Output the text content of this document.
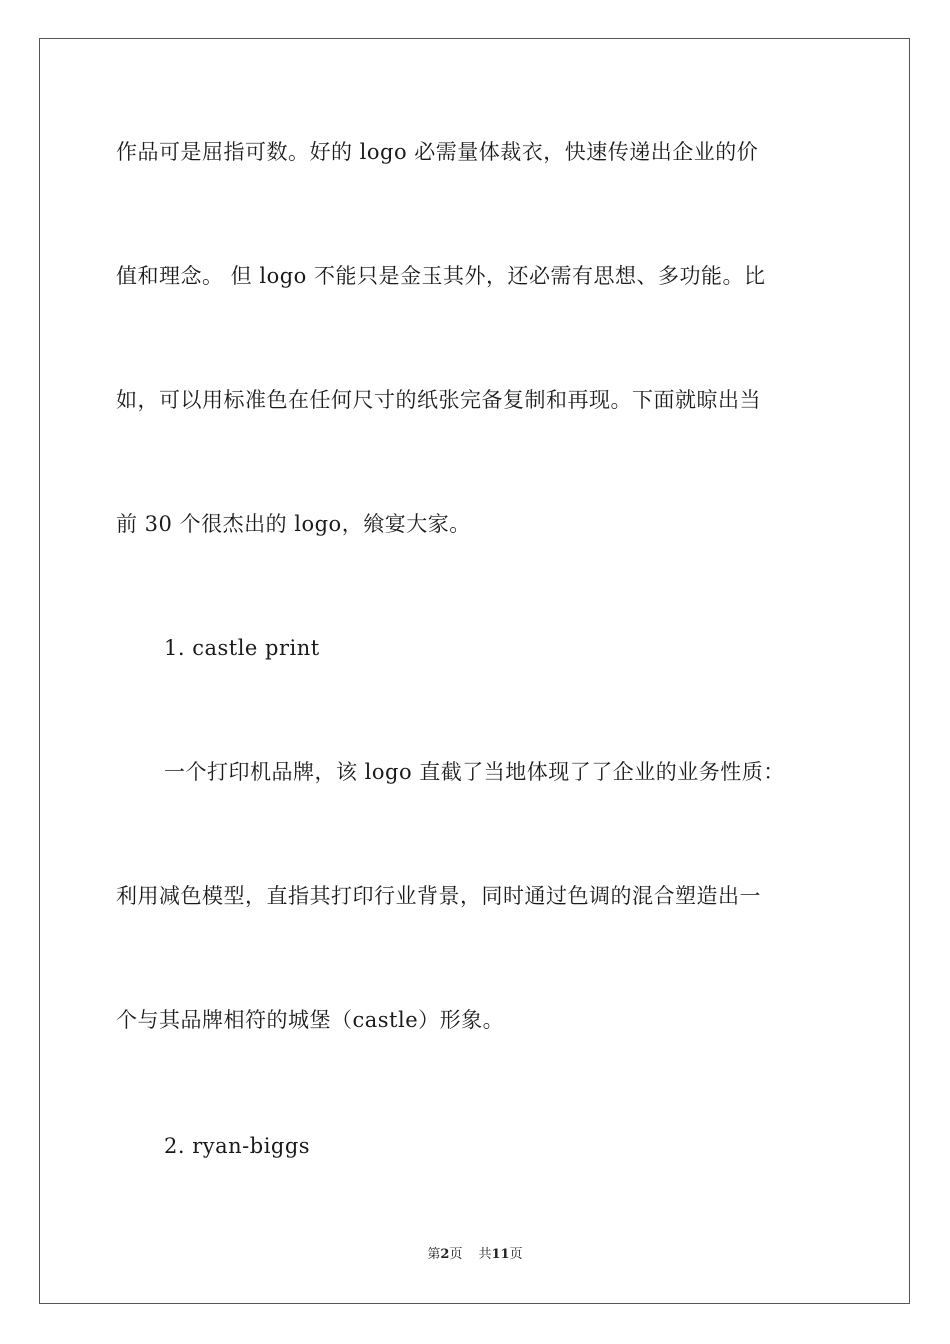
作品可是屈指可数。好的 logo 必需量体裁衣，快速传递出企业的价
值和理念。 但 logo 不能只是金玉其外，还必需有思想、多功能。比
如，可以用标准色在任何尺寸的纸张完备复制和再现。下面就晾出当
前 30 个很杰出的 logo，飨宴大家。
1. castle print
一个打印机品牌，该 logo 直截了当地体现了了企业的业务性质：
利用减色模型，直指其打印行业背景，同时通过色调的混合塑造出一
个与其品牌相符的城堡（castle）形象。
2. ryan-biggs
第2页 共11页
